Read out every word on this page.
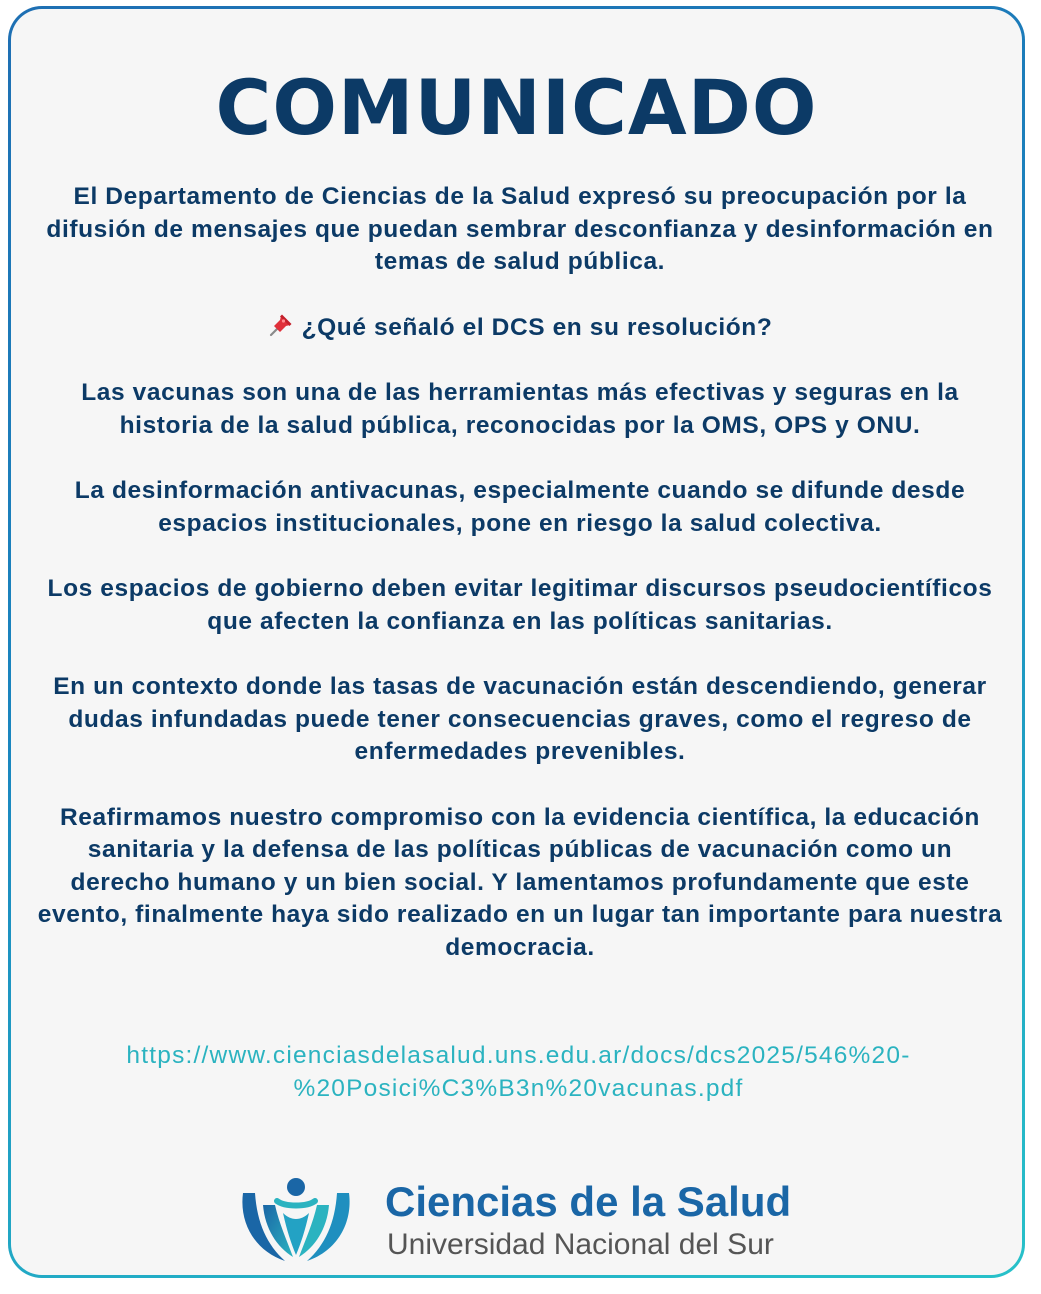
COMUNICADO

El Departamento de Ciencias de la Salud expresó su preocupación por la difusión de mensajes que puedan sembrar desconfianza y desinformación en temas de salud pública.

¿Qué señaló el DCS en su resolución?

Las vacunas son una de las herramientas más efectivas y seguras en la historia de la salud pública, reconocidas por la OMS, OPS y ONU.

La desinformación antivacunas, especialmente cuando se difunde desde espacios institucionales, pone en riesgo la salud colectiva.

Los espacios de gobierno deben evitar legitimar discursos pseudocientíficos que afecten la confianza en las políticas sanitarias.

En un contexto donde las tasas de vacunación están descendiendo, generar dudas infundadas puede tener consecuencias graves, como el regreso de enfermedades prevenibles.

Reafirmamos nuestro compromiso con la evidencia científica, la educación sanitaria y la defensa de las políticas públicas de vacunación como un derecho humano y un bien social. Y lamentamos profundamente que este evento, finalmente haya sido realizado en un lugar tan importante para nuestra democracia.

https://www.cienciasdelasalud.uns.edu.ar/docs/dcs2025/546%20-
%20Posici%C3%B3n%20vacunas.pdf
Ciencias de la Salud
Universidad Nacional del Sur
